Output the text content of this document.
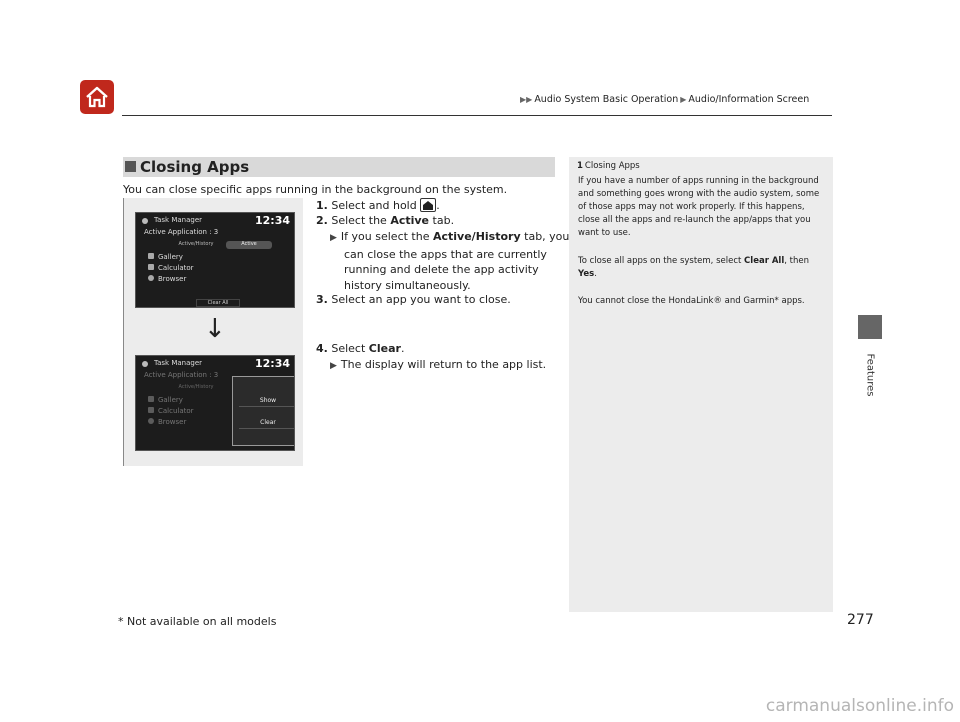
▶▶ Audio System Basic Operation ▶ Audio/Information Screen
Features
Closing Apps
You can close specific apps running in the background on the system.
Task Manager	12:34
Active Application : 3
Active/History	Active
Gallery
Calculator
Browser
Clear All
↓
Task Manager	12:34
Active Application : 3
Active/History
Gallery
Calculator
Browser
Show
Clear
1. Select and hold .
2. Select the Active tab.
▶ If you select the Active/History tab, you
can close the apps that are currently
running and delete the app activity
history simultaneously.
3. Select an app you want to close.
4. Select Clear.
▶ The display will return to the app list.
1 Closing Apps
If you have a number of apps running in the background and something goes wrong with the audio system, some of those apps may not work properly. If this happens, close all the apps and re-launch the app/apps that you want to use.
To close all apps on the system, select Clear All, then Yes.
You cannot close the HondaLink® and Garmin* apps.
* Not available on all models	277
carmanualsonline.info
